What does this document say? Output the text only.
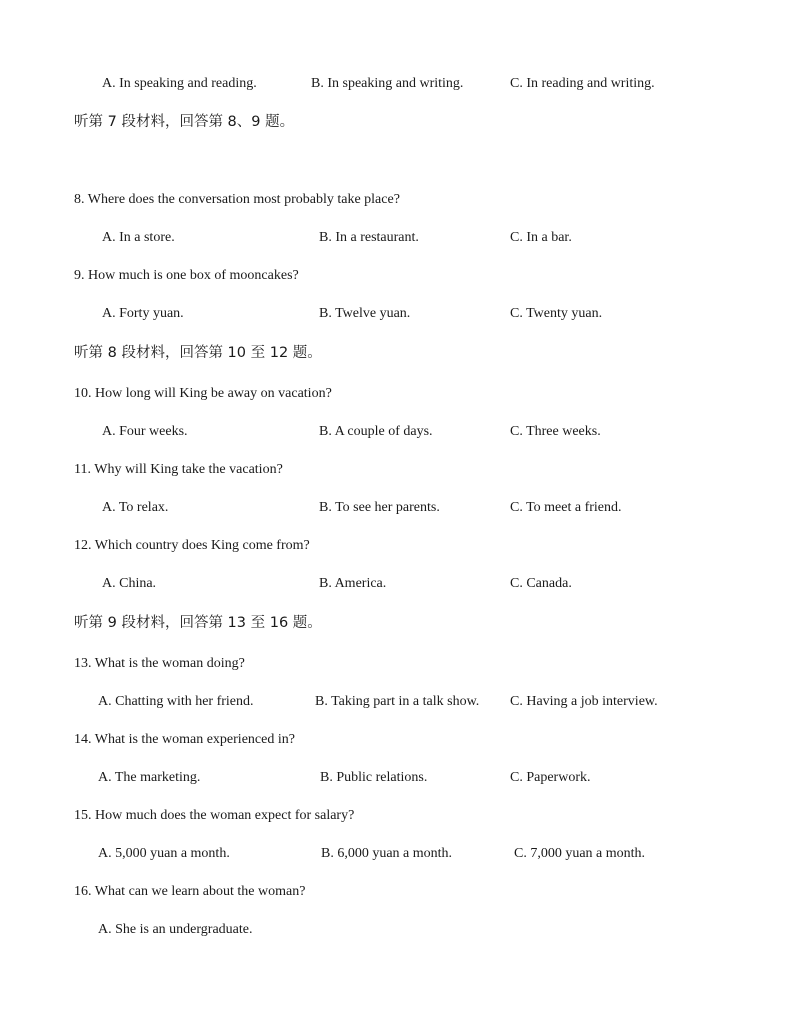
A. In speaking and reading.	B. In speaking and writing.	C. In reading and writing.
听第 7 段材料，回答第 8、9 题。
8. Where does the conversation most probably take place?
A. In a store.	B. In a restaurant.	C. In a bar.
9. How much is one box of mooncakes?
A. Forty yuan.	B. Twelve yuan.	C. Twenty yuan.
听第 8 段材料，回答第 10 至 12 题。
10. How long will King be away on vacation?
A. Four weeks.	B. A couple of days.	C. Three weeks.
11. Why will King take the vacation?
A. To relax.	B. To see her parents.	C. To meet a friend.
12. Which country does King come from?
A. China.	B. America.	C. Canada.
听第 9 段材料，回答第 13 至 16 题。
13. What is the woman doing?
A. Chatting with her friend.	B. Taking part in a talk show. C. Having a job interview.
14. What is the woman experienced in?
A. The marketing.	B. Public relations.	C. Paperwork.
15. How much does the woman expect for salary?
A. 5,000 yuan a month.	B. 6,000 yuan a month.	C. 7,000 yuan a month.
16. What can we learn about the woman?
A. She is an undergraduate.
